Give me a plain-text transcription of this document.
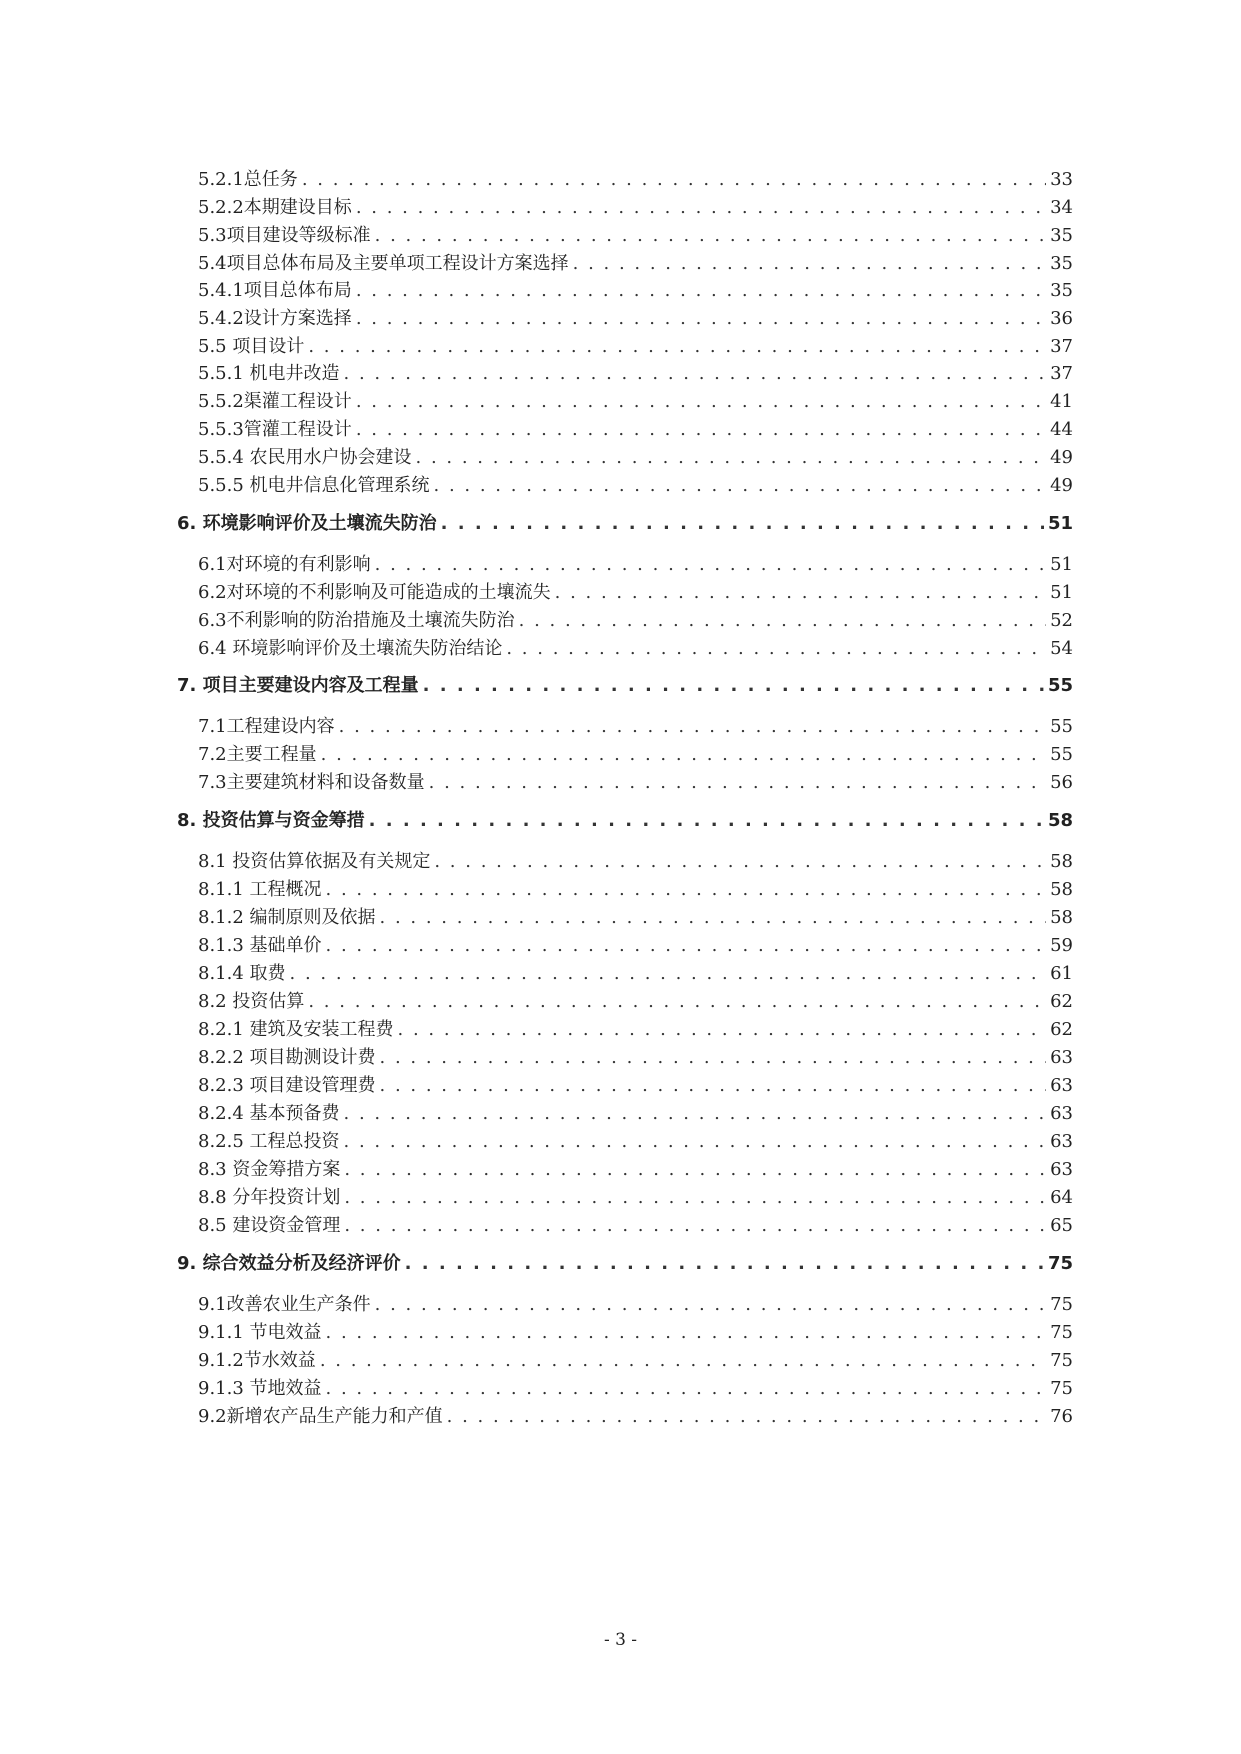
5.2.1总任务 . . .	33
5.2.2本期建设目标 . . .	34
5.3项目建设等级标准 . . .	35
5.4项目总体布局及主要单项工程设计方案选择 . . .	35
5.4.1项目总体布局 . . .	35
5.4.2设计方案选择 . . .	36
5.5 项目设计 . . .	37
5.5.1 机电井改造 . . .	37
5.5.2渠灌工程设计 . . .	41
5.5.3管灌工程设计 . . .	44
5.5.4 农民用水户协会建设 . . .	49
5.5.5 机电井信息化管理系统 . . .	49
6. 环境影响评价及土壤流失防治 . . .	51
6.1对环境的有利影响 . . .	51
6.2对环境的不利影响及可能造成的土壤流失 . . .	51
6.3不利影响的防治措施及土壤流失防治 . . .	52
6.4 环境影响评价及土壤流失防治结论 . . .	54
7. 项目主要建设内容及工程量 . . .	55
7.1工程建设内容 . . .	55
7.2主要工程量 . . .	55
7.3主要建筑材料和设备数量 . . .	56
8. 投资估算与资金筹措 . . .	58
8.1 投资估算依据及有关规定 . . .	58
8.1.1 工程概况 . . .	58
8.1.2 编制原则及依据 . . .	58
8.1.3 基础单价 . . .	59
8.1.4 取费 . . .	61
8.2 投资估算 . . .	62
8.2.1 建筑及安装工程费 . . .	62
8.2.2 项目勘测设计费 . . .	63
8.2.3 项目建设管理费 . . .	63
8.2.4 基本预备费 . . .	63
8.2.5 工程总投资 . . .	63
8.3 资金筹措方案 . . .	63
8.8 分年投资计划 . . .	64
8.5 建设资金管理 . . .	65
9. 综合效益分析及经济评价 . . .	75
9.1改善农业生产条件 . . .	75
9.1.1 节电效益 . . .	75
9.1.2节水效益 . . .	75
9.1.3 节地效益 . . .	75
9.2新增农产品生产能力和产值 . . .	76
- 3 -
